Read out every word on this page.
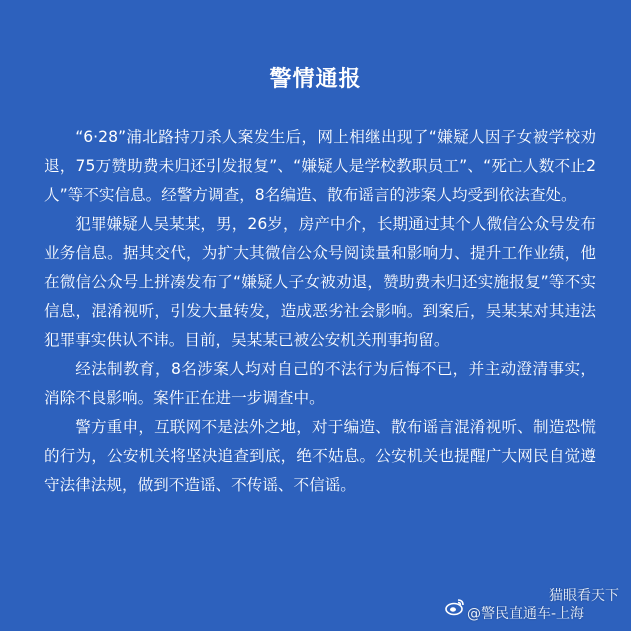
警情通报

“6·28”浦北路持刀杀人案发生后，网上相继出现了“嫌疑人因子女被学校劝退，75万赞助费未归还引发报复”、“嫌疑人是学校教职员工”、“死亡人数不止2人”等不实信息。经警方调查，8名编造、散布谣言的涉案人均受到依法查处。

犯罪嫌疑人吴某某，男，26岁，房产中介，长期通过其个人微信公众号发布业务信息。据其交代，为扩大其微信公众号阅读量和影响力、提升工作业绩，他在微信公众号上拼凑发布了“嫌疑人子女被劝退，赞助费未归还实施报复”等不实信息，混淆视听，引发大量转发，造成恶劣社会影响。到案后，吴某某对其违法犯罪事实供认不讳。目前，吴某某已被公安机关刑事拘留。

经法制教育，8名涉案人均对自己的不法行为后悔不已，并主动澄清事实，消除不良影响。案件正在进一步调查中。

警方重申，互联网不是法外之地，对于编造、散布谣言混淆视听、制造恐慌的行为，公安机关将坚决追查到底，绝不姑息。公安机关也提醒广大网民自觉遵守法律法规，做到不造谣、不传谣、不信谣。

猫眼看天下
@警民直通车-上海
